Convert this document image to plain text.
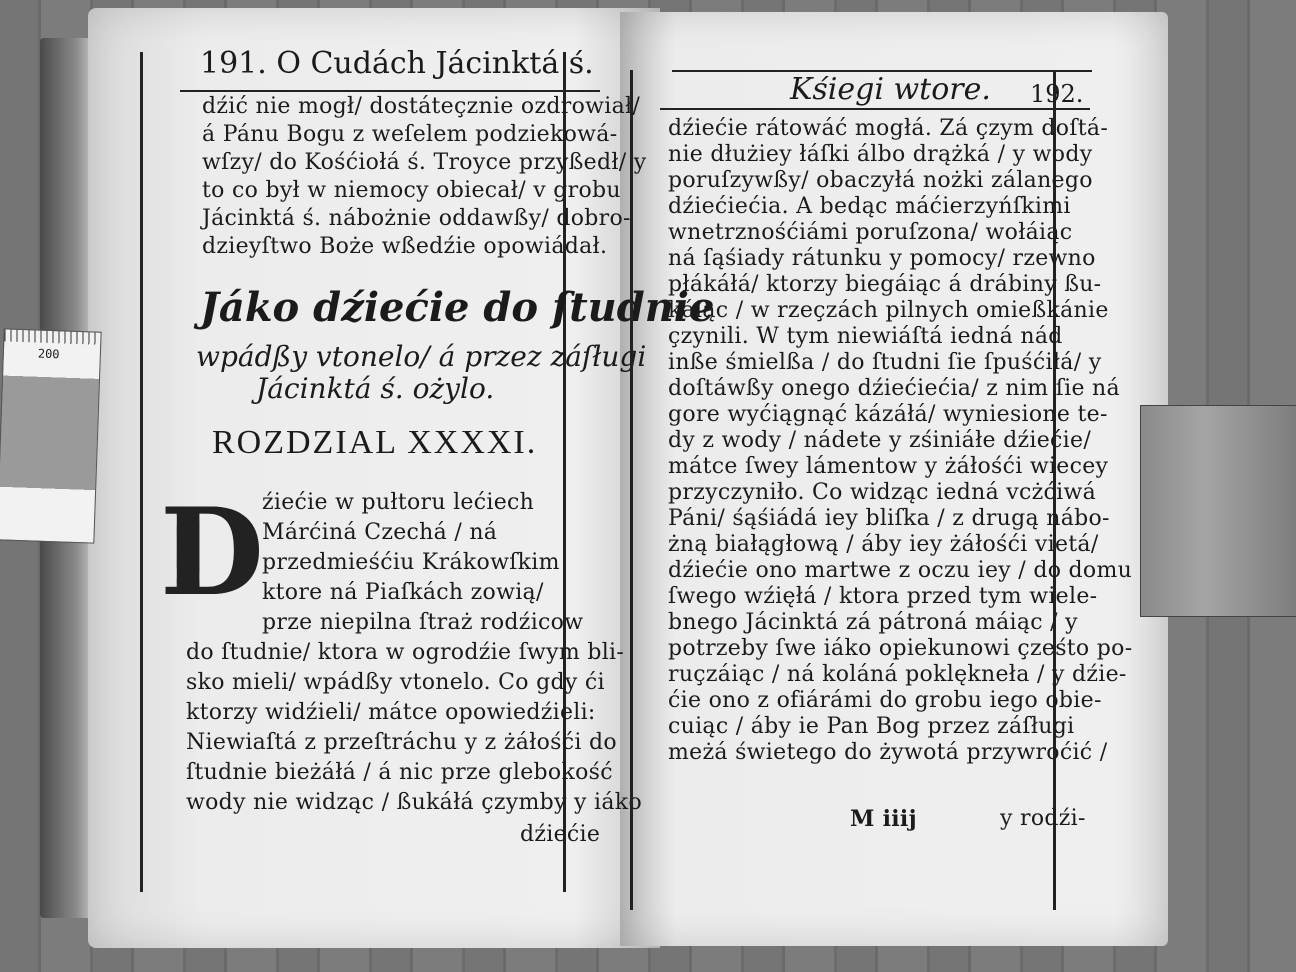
191. O Cudách Jácinktá ś.
dźić nie mogł/ dostáteçznie ozdrowiał/
á Pánu Bogu z weſelem podziekowá-
wſzy/ do Kośćiołá ś. Troyce przyßedł/ y
to co był w niemocy obiecał/ v grobu
Jácinktá ś. nábożnie oddawßy/ dobro-
dzieyſtwo Boże wßedźie opowiádał.
Jáko dźiećie do ſtudnie
wpádßy vtonelo/ á przez záſługi
Jácinktá ś. ożylo.
ROZDZIAL XXXXI.
D
źiećie w pułtoru lećiech
Márćiná Czechá / ná
przedmieśćiu Krákowſkim
ktore ná Piaſkách zowią/
prze niepilna ſtraż rodźicow
do ſtudnie/ ktora w ogrodźie ſwym bli-
sko mieli/ wpádßy vtonelo. Co gdy ći
ktorzy widźieli/ mátce opowiedźieli:
Niewiaſtá z przeſtráchu y z żáłośći do
ſtudnie bieżáłá / á nic prze glebokość
wody nie widząc / ßukáłá çzymby y iáko
dźiećie
Kśiegi wtore. 192.
dźiećie rátowáć mogłá. Zá çzym doſtá-
nie dłużiey łáſki álbo drążká / y wody
poruſzywßy/ obaczyłá nożki zálanego
dźiećiećia. A bedąc máćierzyńſkimi
wnetrznośćiámi poruſzona/ wołáiąc
ná ſąśiady rátunku y pomocy/ rzewno
płákáłá/ ktorzy biegáiąc á drábiny ßu-
káiąc / w rzeçzách pilnych omießkánie
çzynili. W tym niewiáſtá iedná nád
inße śmielßa / do ſtudni ſie ſpuśćiłá/ y
doſtáwßy onego dźiećiećia/ z nim ſie ná
gore wyćiągnąć kázáłá/ wyniesione te-
dy z wody / nádete y zśiniáłe dźiećie/
mátce ſwey lámentow y żáłośći wiecey
przyczyniło. Co widząc iedná vcżćiwá
Páni/ śąśiádá iey bliſka / z drugą nábo-
żną białągłową / áby iey żáłośći vietá/
dźiećie ono martwe z oczu iey / do domu
ſwego wźięłá / ktora przed tym wiele-
bnego Jácinktá zá pátroná máiąc / y
potrzeby ſwe iáko opiekunowi çześto po-
ruçzáiąc / ná koláná poklękneła / y dźie-
ćie ono z ofiárámi do grobu iego obie-
cuiąc / áby ie Pan Bog przez záſługi
meżá świetego do żywotá przywroćić /
M iiij	y rodźi-
200
